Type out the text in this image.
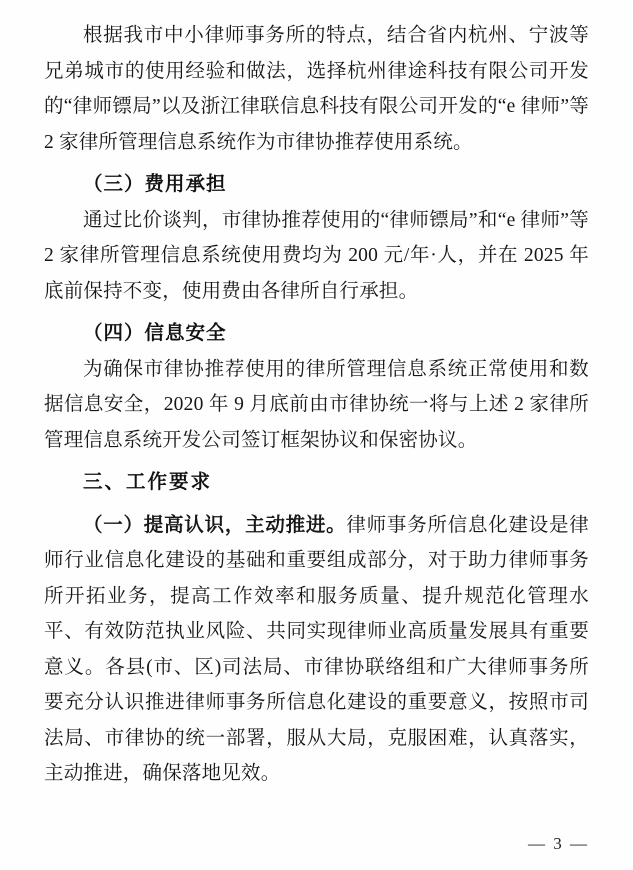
根据我市中小律师事务所的特点，结合省内杭州、宁波等兄弟城市的使用经验和做法，选择杭州律途科技有限公司开发的“律师镖局”以及浙江律联信息科技有限公司开发的“e 律师”等 2 家律所管理信息系统作为市律协推荐使用系统。

（三）费用承担

通过比价谈判，市律协推荐使用的“律师镖局”和“e 律师”等 2 家律所管理信息系统使用费均为 200 元/年·人，并在 2025 年底前保持不变，使用费由各律所自行承担。

（四）信息安全

为确保市律协推荐使用的律所管理信息系统正常使用和数据信息安全，2020 年 9 月底前由市律协统一将与上述 2 家律所管理信息系统开发公司签订框架协议和保密协议。

三、工作要求

（一）提高认识，主动推进。律师事务所信息化建设是律师行业信息化建设的基础和重要组成部分，对于助力律师事务所开拓业务，提高工作效率和服务质量、提升规范化管理水平、有效防范执业风险、共同实现律师业高质量发展具有重要意义。各县(市、区)司法局、市律协联络组和广大律师事务所要充分认识推进律师事务所信息化建设的重要意义，按照市司法局、市律协的统一部署，服从大局，克服困难，认真落实，主动推进，确保落地见效。

— 3 —
